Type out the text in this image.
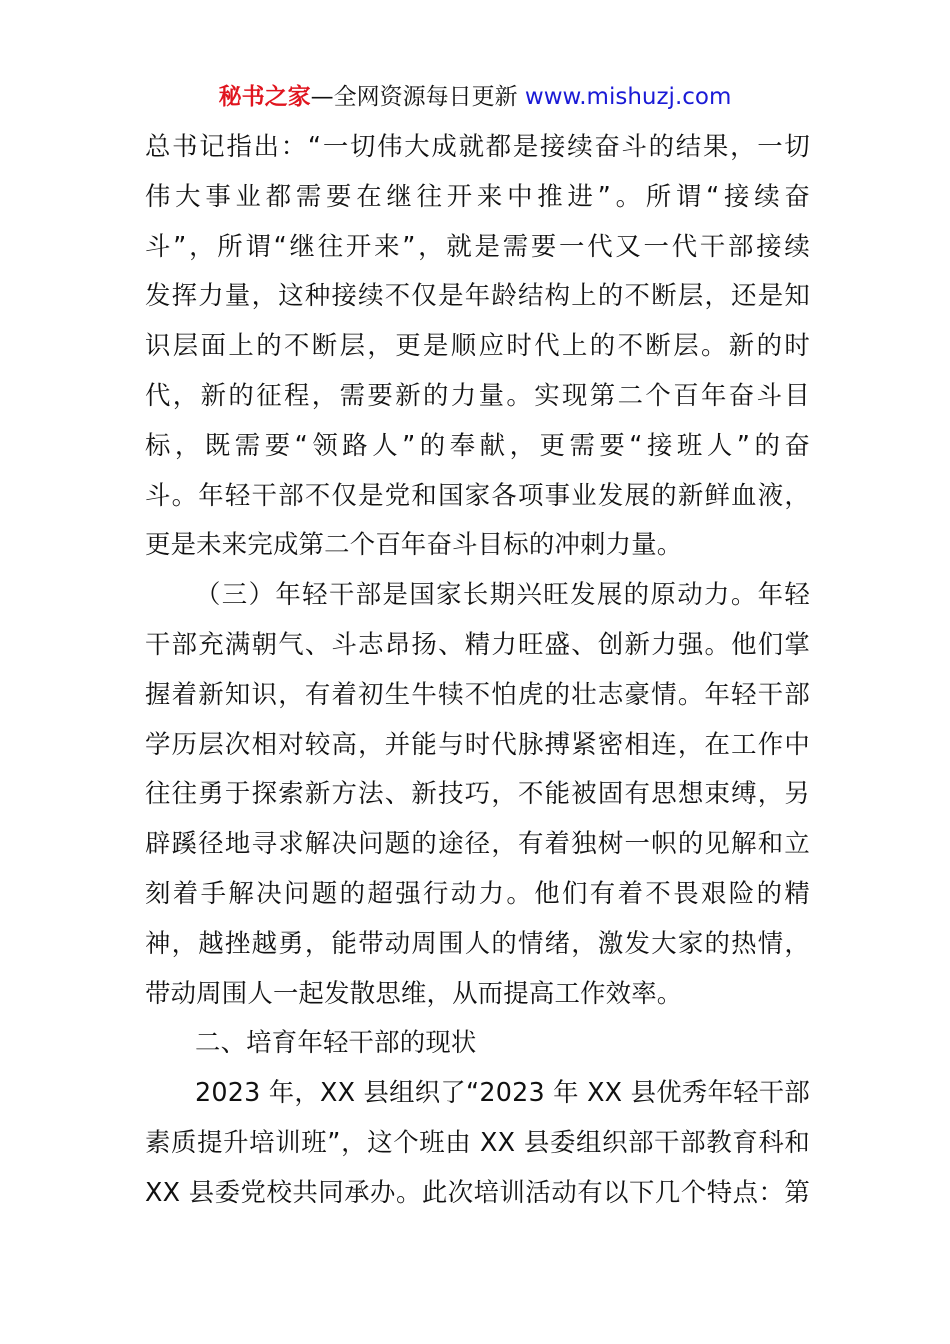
秘书之家—全网资源每日更新 www.mishuzj.com
总书记指出：“一切伟大成就都是接续奋斗的结果，一切
伟大事业都需要在继往开来中推进”。所谓“接续奋
斗”，所谓“继往开来”，就是需要一代又一代干部接续
发挥力量，这种接续不仅是年龄结构上的不断层，还是知
识层面上的不断层，更是顺应时代上的不断层。新的时
代，新的征程，需要新的力量。实现第二个百年奋斗目
标，既需要“领路人”的奉献，更需要“接班人”的奋
斗。年轻干部不仅是党和国家各项事业发展的新鲜血液，
更是未来完成第二个百年奋斗目标的冲刺力量。
（三）年轻干部是国家长期兴旺发展的原动力。年轻
干部充满朝气、斗志昂扬、精力旺盛、创新力强。他们掌
握着新知识，有着初生牛犊不怕虎的壮志豪情。年轻干部
学历层次相对较高，并能与时代脉搏紧密相连，在工作中
往往勇于探索新方法、新技巧，不能被固有思想束缚，另
辟蹊径地寻求解决问题的途径，有着独树一帜的见解和立
刻着手解决问题的超强行动力。他们有着不畏艰险的精
神，越挫越勇，能带动周围人的情绪，激发大家的热情，
带动周围人一起发散思维，从而提高工作效率。
二、培育年轻干部的现状
2023 年，XX 县组织了“2023 年 XX 县优秀年轻干部
素质提升培训班”，这个班由 XX 县委组织部干部教育科和
XX 县委党校共同承办。此次培训活动有以下几个特点：第
